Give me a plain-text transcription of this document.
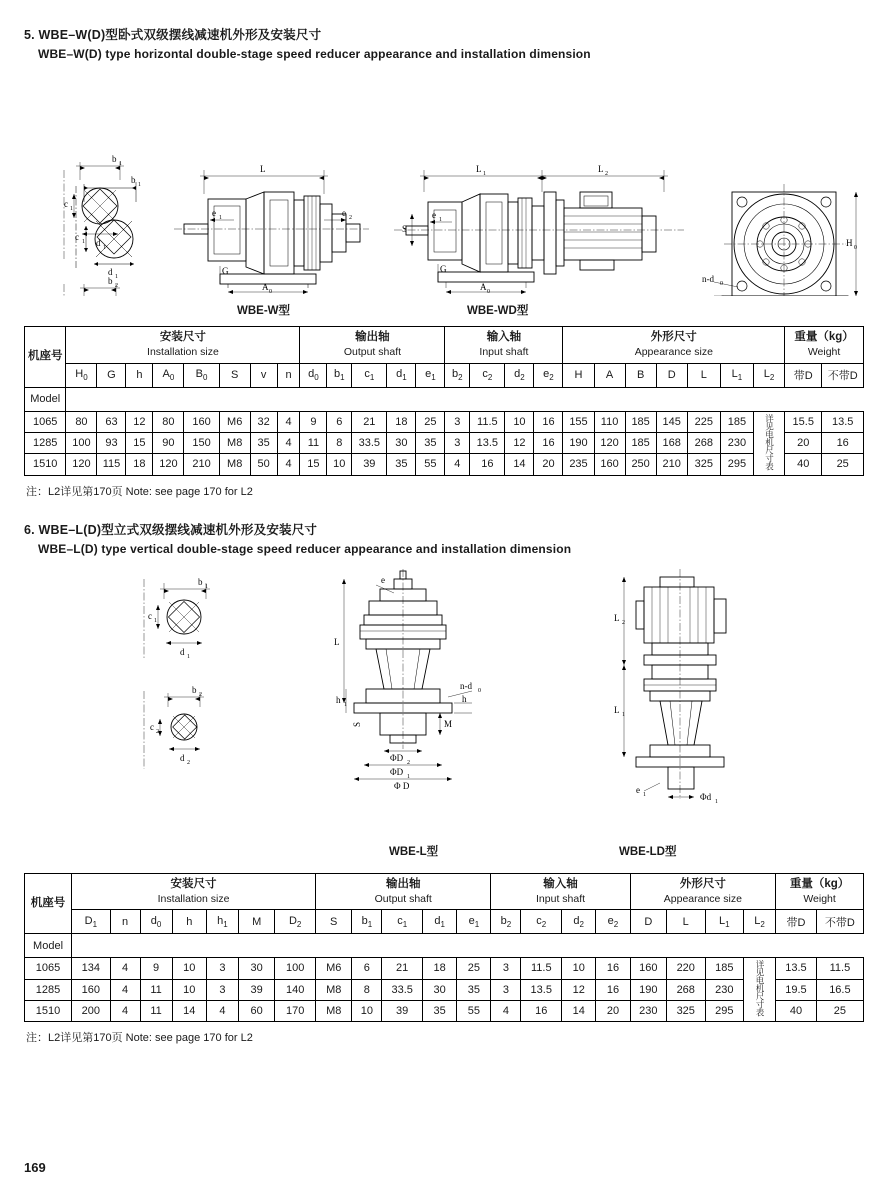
5. WBE–W(D)型卧式双级摆线减速机外形及安装尺寸
WBE–W(D) type horizontal double-stage speed reducer appearance and installation dimension
b 1
c 1
d 1
b 1
c 1
d 1
b 2
L
e 1	e 2
G
A 0
L 1	L 2
A 0
e 1
S
G
n-d 0
H 0
WBE-W型	WBE-WD型
机座号	安装尺寸
Installation size								输出轴
Output shaft					输入轴
Input shaft				外形尺寸
Appearance size							重量（kg）
Weight	

	$H_0$	G	h	$A_0$	$B_0$	S	v	n	$d_0$	$b_1$	$c_1$	$d_1$	$e_1$	$b_2$	$c_2$	$d_2$	$e_2$	H	A	B	D	L	$L_1$	$L_2$	带D	不带D
Model																										
1065	80	63	12	80	160	M6	32	4	9	6	21	18	25	3	11.5	10	16	155	110	185	145	225	185	详见电机尺寸表	15.5	13.5
1285	100	93	15	90	150	M8	35	4	11	8	33.5	30	35	3	13.5	12	16	190	120	185	168	268	230		20	16
1510	120	115	18	120	210	M8	50	4	15	10	39	35	55	4	16	14	20	235	160	250	210	325	295		40	25
注：L2详见第170页 Note: see page 170 for L2
6. WBE–L(D)型立式双级摆线减速机外形及安装尺寸
WBE–L(D) type vertical double-stage speed reducer appearance and installation dimension
b 1
c 1
d 1
b 2
c 2
d 2
L
h 1
e
n-d 0
h
M
ΦD 2
ΦD 1
Φ D
S
L 2
L 1
e 1	Φd 1
WBE-L型	WBE-LD型
机座号	安装尺寸
Installation size							输出轴
Output shaft					输入轴
Input shaft				外形尺寸
Appearance size				重量（kg）
Weight	

	$D_1$	n	$d_0$	h	$h_1$	M	$D_2$	S	$b_1$	$c_1$	$d_1$	$e_1$	$b_2$	$c_2$	$d_2$	$e_2$	D	L	$L_1$	$L_2$	带D	不带D
Model																						
1065	134	4	9	10	3	30	100	M6	6	21	18	25	3	11.5	10	16	160	220	185	详见电机尺寸表	13.5	11.5
1285	160	4	11	10	3	39	140	M8	8	33.5	30	35	3	13.5	12	16	190	268	230		19.5	16.5
1510	200	4	11	14	4	60	170	M8	10	39	35	55	4	16	14	20	230	325	295		40	25
注：L2详见第170页 Note: see page 170 for L2
169
